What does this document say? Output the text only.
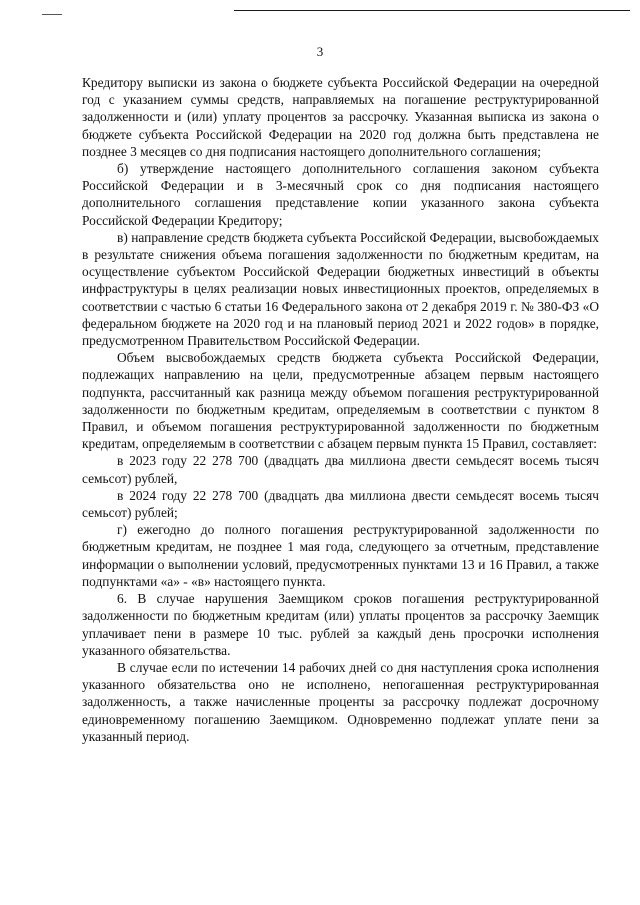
3

Кредитору выписки из закона о бюджете субъекта Российской Федерации на очередной год с указанием суммы средств, направляемых на погашение реструктурированной задолженности и (или) уплату процентов за рассрочку. Указанная выписка из закона о бюджете субъекта Российской Федерации на 2020 год должна быть представлена не позднее 3 месяцев со дня подписания настоящего дополнительного соглашения;

б) утверждение настоящего дополнительного соглашения законом субъекта Российской Федерации и в 3-месячный срок со дня подписания настоящего дополнительного соглашения представление копии указанного закона субъекта Российской Федерации Кредитору;

в) направление средств бюджета субъекта Российской Федерации, высвобождаемых в результате снижения объема погашения задолженности по бюджетным кредитам, на осуществление субъектом Российской Федерации бюджетных инвестиций в объекты инфраструктуры в целях реализации новых инвестиционных проектов, определяемых в соответствии с частью 6 статьи 16 Федерального закона от 2 декабря 2019 г. № 380-ФЗ «О федеральном бюджете на 2020 год и на плановый период 2021 и 2022 годов» в порядке, предусмотренном Правительством Российской Федерации.

Объем высвобождаемых средств бюджета субъекта Российской Федерации, подлежащих направлению на цели, предусмотренные абзацем первым настоящего подпункта, рассчитанный как разница между объемом погашения реструктурированной задолженности по бюджетным кредитам, определяемым в соответствии с пунктом 8 Правил, и объемом погашения реструктурированной задолженности по бюджетным кредитам, определяемым в соответствии с абзацем первым пункта 15 Правил, составляет:

в 2023 году 22 278 700 (двадцать два миллиона двести семьдесят восемь тысяч семьсот) рублей,

в 2024 году 22 278 700 (двадцать два миллиона двести семьдесят восемь тысяч семьсот) рублей;

г) ежегодно до полного погашения реструктурированной задолженности по бюджетным кредитам, не позднее 1 мая года, следующего за отчетным, представление информации о выполнении условий, предусмотренных пунктами 13 и 16 Правил, а также подпунктами «а» - «в» настоящего пункта.

6. В случае нарушения Заемщиком сроков погашения реструктурированной задолженности по бюджетным кредитам (или) уплаты процентов за рассрочку Заемщик уплачивает пени в размере 10 тыс. рублей за каждый день просрочки исполнения указанного обязательства.

В случае если по истечении 14 рабочих дней со дня наступления срока исполнения указанного обязательства оно не исполнено, непогашенная реструктурированная задолженность, а также начисленные проценты за рассрочку подлежат досрочному единовременному погашению Заемщиком. Одновременно подлежат уплате пени за указанный период.
